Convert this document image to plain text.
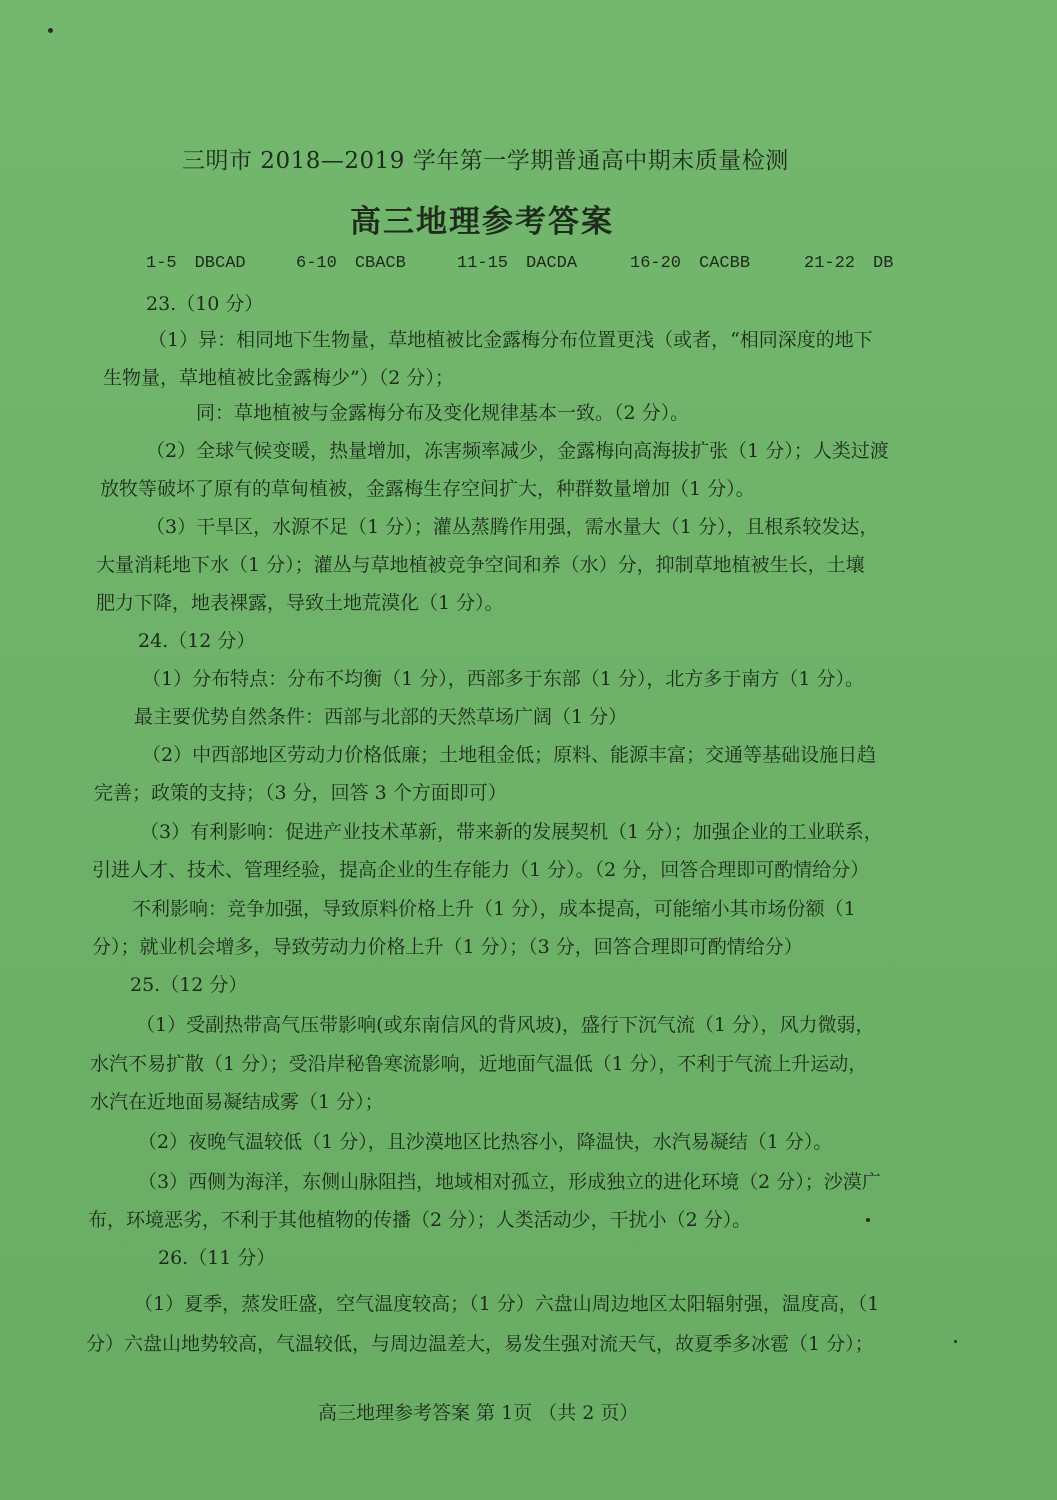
三明市 2018—2019 学年第一学期普通高中期末质量检测
高三地理参考答案
1-5 DBCAD	6-10 CBACB	11-15 DACDA	16-20 CACBB	21-22 DB
23.（10 分）
（1）异：相同地下生物量，草地植被比金露梅分布位置更浅（或者，“相同深度的地下
生物量，草地植被比金露梅少”）（2 分）；
同：草地植被与金露梅分布及变化规律基本一致。（2 分）。
（2）全球气候变暖，热量增加，冻害频率减少，金露梅向高海拔扩张（1 分）；人类过渡
放牧等破坏了原有的草甸植被，金露梅生存空间扩大，种群数量增加（1 分）。
（3）干旱区，水源不足（1 分）；灌丛蒸腾作用强，需水量大（1 分），且根系较发达，
大量消耗地下水（1 分）；灌丛与草地植被竞争空间和养（水）分，抑制草地植被生长，土壤
肥力下降，地表裸露，导致土地荒漠化（1 分）。
24.（12 分）
（1）分布特点：分布不均衡（1 分），西部多于东部（1 分），北方多于南方（1 分）。
最主要优势自然条件：西部与北部的天然草场广阔（1 分）
（2）中西部地区劳动力价格低廉；土地租金低；原料、能源丰富；交通等基础设施日趋
完善；政策的支持；（3 分，回答 3 个方面即可）
（3）有利影响：促进产业技术革新，带来新的发展契机（1 分）；加强企业的工业联系，
引进人才、技术、管理经验，提高企业的生存能力（1 分）。（2 分，回答合理即可酌情给分）
不利影响：竞争加强，导致原料价格上升（1 分），成本提高，可能缩小其市场份额（1
分）；就业机会增多，导致劳动力价格上升（1 分）；（3 分，回答合理即可酌情给分）
25.（12 分）
（1）受副热带高气压带影响(或东南信风的背风坡)，盛行下沉气流（1 分），风力微弱，
水汽不易扩散（1 分）；受沿岸秘鲁寒流影响，近地面气温低（1 分），不利于气流上升运动，
水汽在近地面易凝结成雾（1 分）；
（2）夜晚气温较低（1 分），且沙漠地区比热容小，降温快，水汽易凝结（1 分）。
（3）西侧为海洋，东侧山脉阻挡，地域相对孤立，形成独立的进化环境（2 分）；沙漠广
布，环境恶劣，不利于其他植物的传播（2 分）；人类活动少，干扰小（2 分）。
26.（11 分）
（1）夏季，蒸发旺盛，空气温度较高；（1 分）六盘山周边地区太阳辐射强，温度高，（1
分）六盘山地势较高，气温较低，与周边温差大，易发生强对流天气，故夏季多冰雹（1 分）；
高三地理参考答案 第 1页 （共 2 页）
